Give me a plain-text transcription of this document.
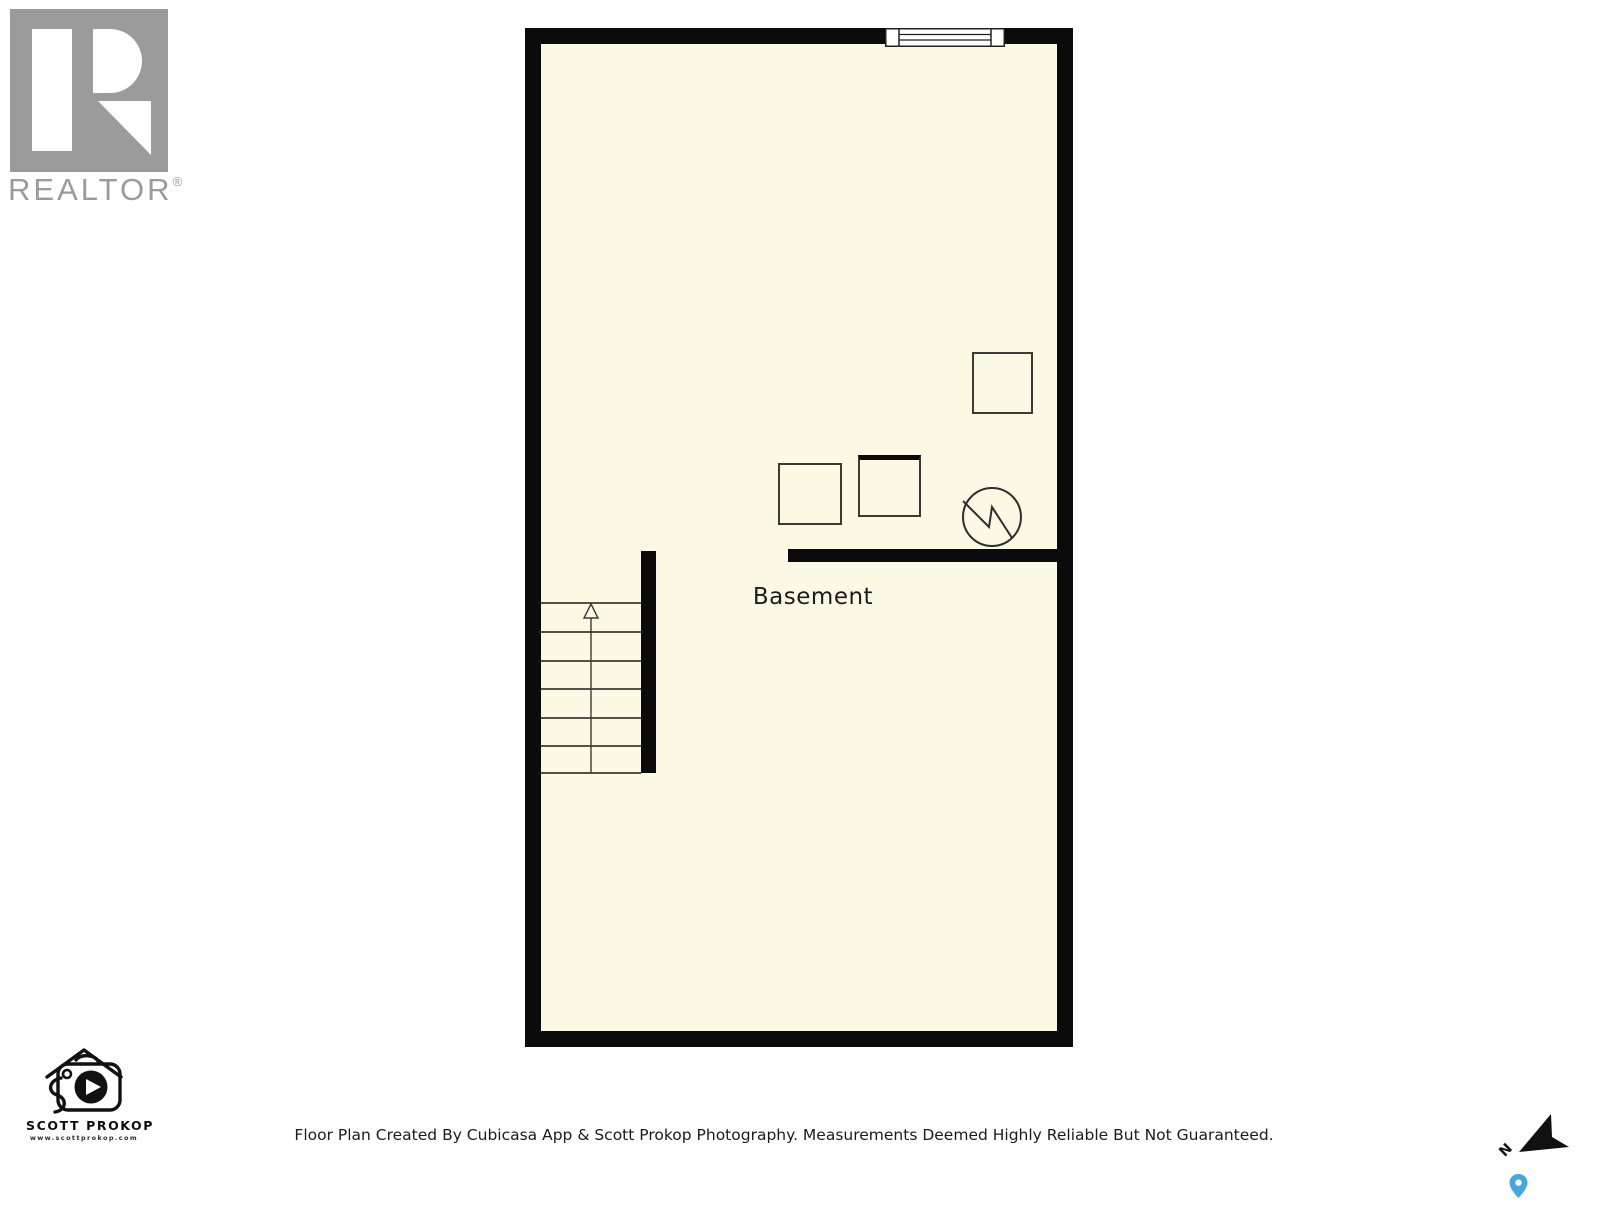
REALTOR®
Basement
SCOTT PROKOP
www.scottprokop.com	Floor Plan Created By Cubicasa App & Scott Prokop Photography. Measurements Deemed Highly Reliable But Not Guaranteed.
N
